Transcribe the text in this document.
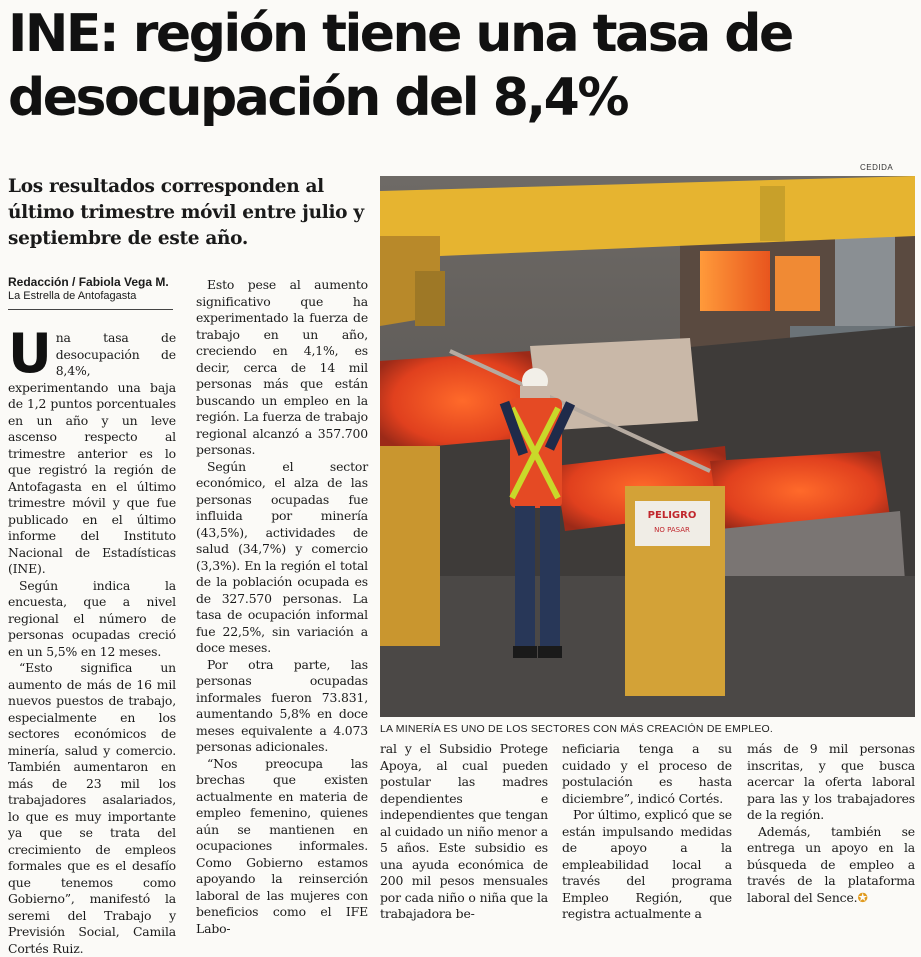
INE: región tiene una tasa de desocupación del 8,4%
Los resultados corresponden al último trimestre móvil entre julio y septiembre de este año.
Redacción / Fabiola Vega M.
La Estrella de Antofagasta

Una tasa de desocupación de 8,4%, experimentando una baja de 1,2 puntos porcentuales en un año y un leve ascenso respecto al trimestre anterior es lo que registró la región de Antofagasta en el último trimestre móvil y que fue publicado en el último informe del Instituto Nacional de Estadísticas (INE).

Según indica la encuesta, que a nivel regional el número de personas ocupadas creció en un 5,5% en 12 meses.

“Esto significa un aumento de más de 16 mil nuevos puestos de trabajo, especialmente en los sectores económicos de minería, salud y comercio. También aumentaron en más de 23 mil los trabajadores asalariados, lo que es muy importante ya que se trata del crecimiento de empleos formales que es el desafío que tenemos como Gobierno”, manifestó la seremi del Trabajo y Previsión Social, Camila Cortés Ruiz.

Esto pese al aumento significativo que ha experimentado la fuerza de trabajo en un año, creciendo en 4,1%, es decir, cerca de 14 mil personas más que están buscando un empleo en la región. La fuerza de trabajo regional alcanzó a 357.700 personas.

Según el sector económico, el alza de las personas ocupadas fue influida por minería (43,5%), actividades de salud (34,7%) y comercio (3,3%). En la región el total de la población ocupada es de 327.570 personas. La tasa de ocupación informal fue 22,5%, sin variación a doce meses.

Por otra parte, las personas ocupadas informales fueron 73.831, aumentando 5,8% en doce meses equivalente a 4.073 personas adicionales.

“Nos preocupa las brechas que existen actualmente en materia de empleo femenino, quienes aún se mantienen en ocupaciones informales. Como Gobierno estamos apoyando la reinserción laboral de las mujeres con beneficios como el IFE Labo-

CEDIDA
PELIGRO
NO PASAR
LA MINERÍA ES UNO DE LOS SECTORES CON MÁS CREACIÓN DE EMPLEO.

ral y el Subsidio Protege Apoya, al cual pueden postular las madres dependientes e independientes que tengan al cuidado un niño menor a 5 años. Este subsidio es una ayuda económica de 200 mil pesos mensuales por cada niño o niña que la trabajadora be-

neficiaria tenga a su cuidado y el proceso de postulación es hasta diciembre”, indicó Cortés.

Por último, explicó que se están impulsando medidas de apoyo a la empleabilidad local a través del programa Empleo Región, que registra actualmente a

más de 9 mil personas inscritas, y que busca acercar la oferta laboral para las y los trabajadores de la región.

Además, también se entrega un apoyo en la búsqueda de empleo a través de la plataforma laboral del Sence.✪
